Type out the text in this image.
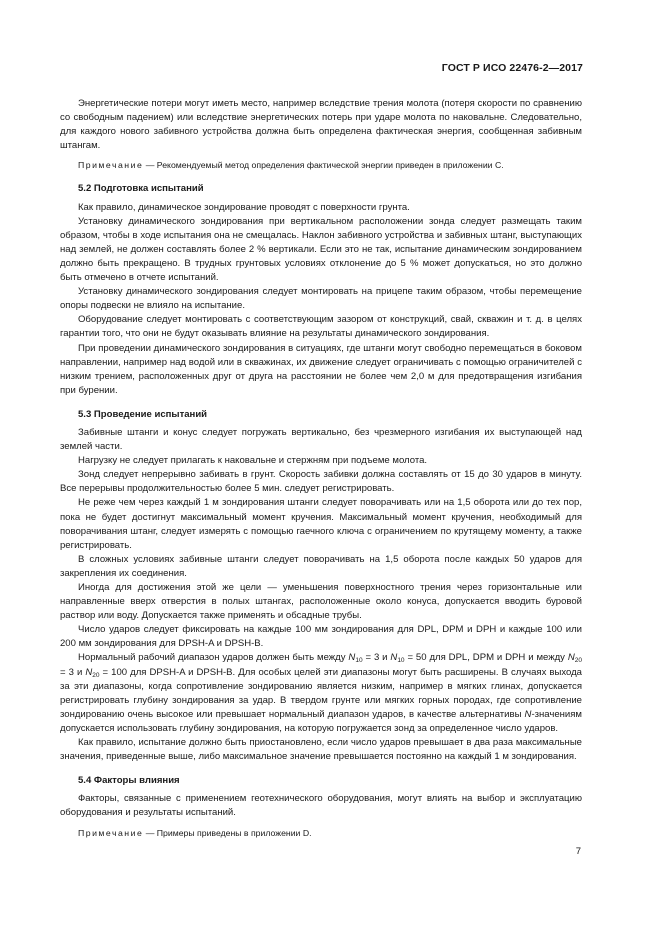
ГОСТ Р ИСО 22476-2—2017

Энергетические потери могут иметь место, например вследствие трения молота (потеря скорости по сравнению со свободным падением) или вследствие энергетических потерь при ударе молота по наковальне. Следовательно, для каждого нового забивного устройства должна быть определена фактическая энергия, сообщенная забивным штангам.

Примечание — Рекомендуемый метод определения фактической энергии приведен в приложении С.

5.2 Подготовка испытаний

Как правило, динамическое зондирование проводят с поверхности грунта.

Установку динамического зондирования при вертикальном расположении зонда следует размещать таким образом, чтобы в ходе испытания она не смещалась. Наклон забивного устройства и забивных штанг, выступающих над землей, не должен составлять более 2 % вертикали. Если это не так, испытание динамическим зондированием должно быть прекращено. В трудных грунтовых условиях отклонение до 5 % может допускаться, но это должно быть отмечено в отчете испытаний.

Установку динамического зондирования следует монтировать на прицепе таким образом, чтобы перемещение опоры подвески не влияло на испытание.

Оборудование следует монтировать с соответствующим зазором от конструкций, свай, скважин и т. д. в целях гарантии того, что они не будут оказывать влияние на результаты динамического зондирования.

При проведении динамического зондирования в ситуациях, где штанги могут свободно перемещаться в боковом направлении, например над водой или в скважинах, их движение следует ограничивать с помощью ограничителей с низким трением, расположенных друг от друга на расстоянии не более чем 2,0 м для предотвращения изгибания при бурении.

5.3 Проведение испытаний

Забивные штанги и конус следует погружать вертикально, без чрезмерного изгибания их выступающей над землей части.

Нагрузку не следует прилагать к наковальне и стержням при подъеме молота.

Зонд следует непрерывно забивать в грунт. Скорость забивки должна составлять от 15 до 30 ударов в минуту. Все перерывы продолжительностью более 5 мин. следует регистрировать.

Не реже чем через каждый 1 м зондирования штанги следует поворачивать или на 1,5 оборота или до тех пор, пока не будет достигнут максимальный момент кручения. Максимальный момент кручения, необходимый для поворачивания штанг, следует измерять с помощью гаечного ключа с ограничением по крутящему моменту, а также регистрировать.

В сложных условиях забивные штанги следует поворачивать на 1,5 оборота после каждых 50 ударов для закрепления их соединения.

Иногда для достижения этой же цели — уменьшения поверхностного трения через горизонтальные или направленные вверх отверстия в полых штангах, расположенные около конуса, допускается вводить буровой раствор или воду. Допускается также применять и обсадные трубы.

Число ударов следует фиксировать на каждые 100 мм зондирования для DPL, DPM и DPH и каждые 100 или 200 мм зондирования для DPSH-A и DPSH-B.

Нормальный рабочий диапазон ударов должен быть между $N_{10} = 3$ и $N_{10} = 50$ для DPL, DPM и DPH и между $N_{20} = 3$ и $N_{20} = 100$ для DPSH-A и DPSH-B. Для особых целей эти диапазоны могут быть расширены. В случаях выхода за эти диапазоны, когда сопротивление зондированию является низким, например в мягких глинах, допускается регистрировать глубину зондирования за удар. В твердом грунте или мягких горных породах, где сопротивление зондированию очень высокое или превышает нормальный диапазон ударов, в качестве альтернативы N-значениям допускается использовать глубину зондирования, на которую погружается зонд за определенное число ударов.

Как правило, испытание должно быть приостановлено, если число ударов превышает в два раза максимальные значения, приведенные выше, либо максимальное значение превышается постоянно на каждый 1 м зондирования.

5.4 Факторы влияния

Факторы, связанные с применением геотехнического оборудования, могут влиять на выбор и эксплуатацию оборудования и результаты испытаний.

Примечание — Примеры приведены в приложении D.

7
